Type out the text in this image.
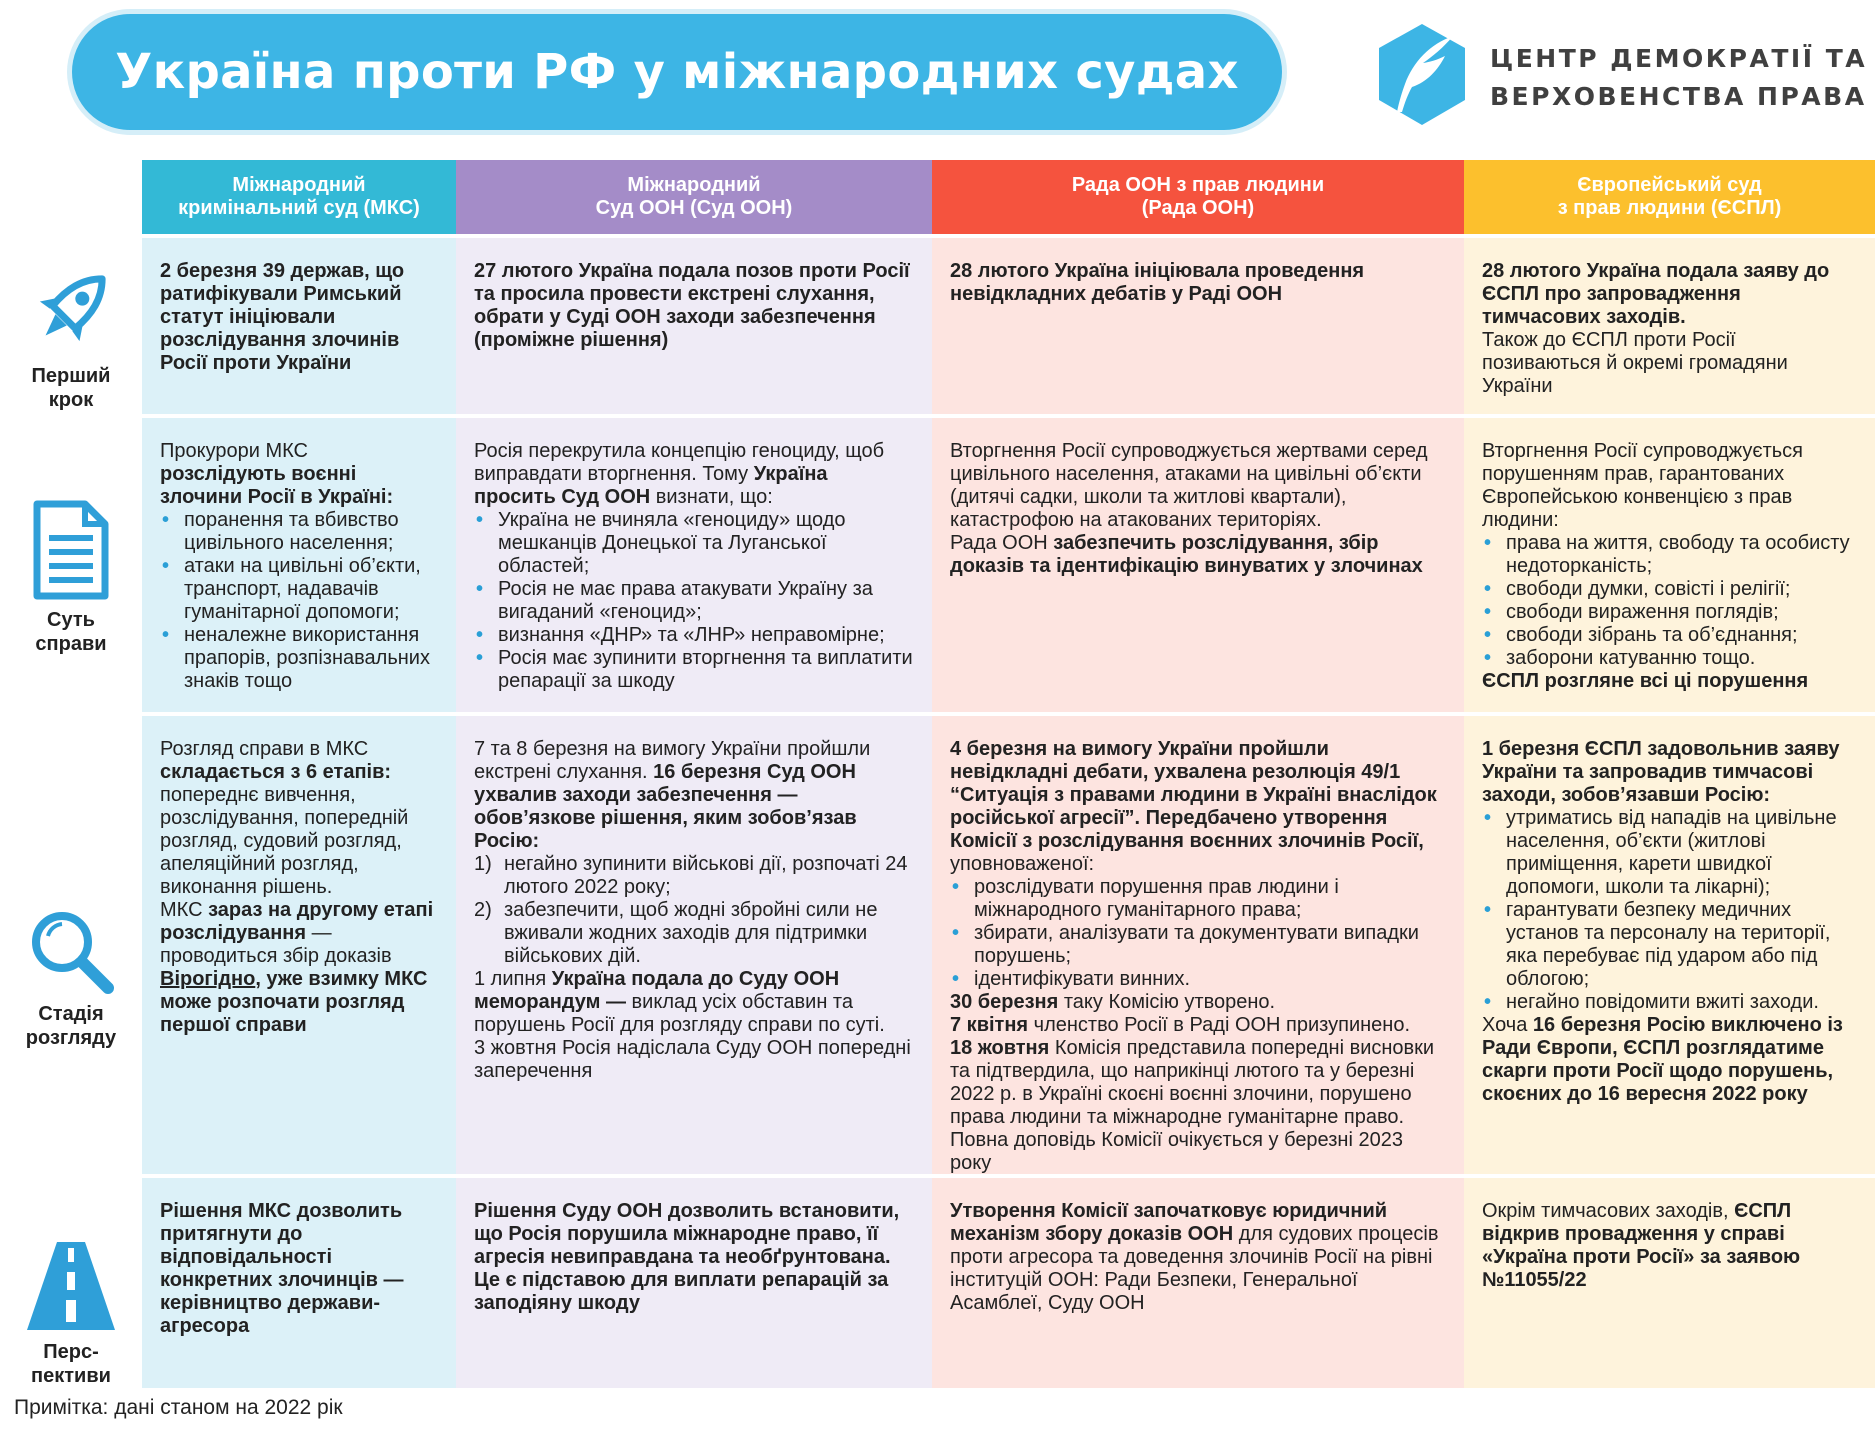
Україна проти РФ у міжнародних судах	ЦЕНТР ДЕМОКРАТІЇ ТА
ВЕРХОВЕНСТВА ПРАВА
Перший
крок
Суть
справи
Стадія
розгляду
Перс-
пективи
Міжнародний
кримінальний суд (МКС)
Міжнародний
Суд ООН (Суд ООН)
Рада ООН з прав людини
(Рада ООН)
Європейський суд
з прав людини (ЄСПЛ)

2 березня 39 держав, що ратифікували Римський статут ініціювали розслідування злочинів Росії проти України

27 лютого Україна подала позов проти Росії та просила провести екстрені слухання, обрати у Суді ООН заходи забезпечення (проміжне рішення)

28 лютого Україна ініціювала проведення невідкладних дебатів у Раді ООН

28 лютого Україна подала заяву до ЄСПЛ про запровадження тимчасових заходів.

Також до ЄСПЛ проти Росії позиваються й окремі громадяни України

Прокурори МКС розслідують воєнні злочини Росії в Україні:

• поранення та вбивство цивільного населення;
• атаки на цивільні об’єкти, транспорт, надавачів гуманітарної допомоги;
• неналежне використання прапорів, розпізнавальних знаків тощо

Росія перекрутила концепцію геноциду, щоб виправдати вторгнення. Тому Україна просить Суд ООН визнати, що:

• Україна не вчиняла «геноциду» щодо мешканців Донецької та Луганської областей;
• Росія не має права атакувати Україну за вигаданий «геноцид»;
• визнання «ДНР» та «ЛНР» неправомірне;
• Росія має зупинити вторгнення та виплатити репарації за шкоду

Вторгнення Росії супроводжується жертвами серед цивільного населення, атаками на цивільні об’єкти (дитячі садки, школи та житлові квартали), катастрофою на атакованих територіях.

Рада ООН забезпечить розслідування, збір доказів та ідентифікацію винуватих у злочинах

Вторгнення Росії супроводжується порушенням прав, гарантованих Європейською конвенцією з прав людини:

• права на життя, свободу та особисту недоторканість;
• свободи думки, совісті і релігії;
• свободи вираження поглядів;
• свободи зібрань та об’єднання;
• заборони катуванню тощо.

ЄСПЛ розгляне всі ці порушення

Розгляд справи в МКС складається з 6 етапів: попереднє вивчення, розслідування, попередній розгляд, судовий розгляд, апеляційний розгляд, виконання рішень.

МКС зараз на другому етапі розслідування — проводиться збір доказів

Вірогідно, уже взимку МКС може розпочати розгляд першої справи

7 та 8 березня на вимогу України пройшли екстрені слухання. 16 березня Суд ООН ухвалив заходи забезпечення — обов’язкове рішення, яким зобов’язав Росію:

1) негайно зупинити військові дії, розпочаті 24 лютого 2022 року;
2) забезпечити, щоб жодні збройні сили не вживали жодних заходів для підтримки військових дій.

1 липня Україна подала до Суду ООН меморандум — виклад усіх обставин та порушень Росії для розгляду справи по суті.

3 жовтня Росія надіслала Суду ООН попередні заперечення

4 березня на вимогу України пройшли невідкладні дебати, ухвалена резолюція 49/1 “Ситуація з правами людини в Україні внаслідок російської агресії”. Передбачено утворення Комісії з розслідування воєнних злочинів Росії, уповноваженої:

• розслідувати порушення прав людини і міжнародного гуманітарного права;
• збирати, аналізувати та документувати випадки порушень;
• ідентифікувати винних.

30 березня таку Комісію утворено.

7 квітня членство Росії в Раді ООН призупинено.

18 жовтня Комісія представила попередні висновки та підтвердила, що наприкінці лютого та у березні 2022 р. в Україні скоєні воєнні злочини, порушено права людини та міжнародне гуманітарне право. Повна доповідь Комісії очікується у березні 2023 року

1 березня ЄСПЛ задовольнив заяву України та запровадив тимчасові заходи, зобов’язавши Росію:

• утриматись від нападів на цивільне населення, об’єкти (житлові приміщення, карети швидкої допомоги, школи та лікарні);
• гарантувати безпеку медичних установ та персоналу на території, яка перебуває під ударом або під облогою;
• негайно повідомити вжиті заходи.

Хоча 16 березня Росію виключено із Ради Європи, ЄСПЛ розглядатиме скарги проти Росії щодо порушень, скоєних до 16 вересня 2022 року

Рішення МКС дозволить притягнути до відповідальності конкретних злочинців — керівництво держави-агресора

Рішення Суду ООН дозволить встановити, що Росія порушила міжнародне право, її агресія невиправдана та необґрунтована. Це є підставою для виплати репарацій за заподіяну шкоду

Утворення Комісії започатковує юридичний механізм збору доказів ООН для судових процесів проти агресора та доведення злочинів Росії на рівні інституцій ООН: Ради Безпеки, Генеральної Асамблеї, Суду ООН

Окрім тимчасових заходів, ЄСПЛ відкрив провадження у справі «Україна проти Росії» за заявою №11055/22

Примітка: дані станом на 2022 рік
